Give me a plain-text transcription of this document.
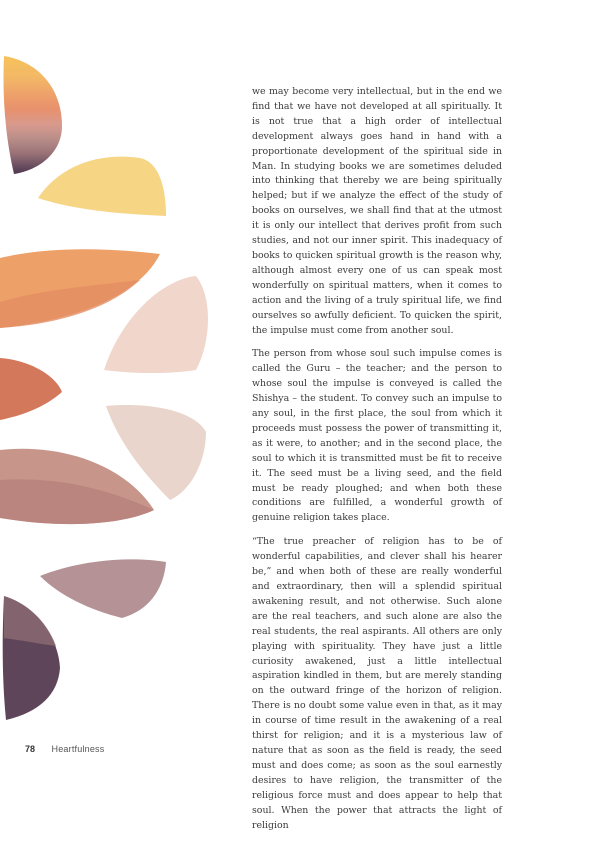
we may become very intellectual, but in the end we find that we have not developed at all spiritually. It is not true that a high order of intellectual development always goes hand in hand with a proportionate development of the spiritual side in Man. In studying books we are sometimes deluded into thinking that thereby we are being spiritually helped; but if we analyze the effect of the study of books on ourselves, we shall find that at the utmost it is only our intellect that derives profit from such studies, and not our inner spirit. This inadequacy of books to quicken spiritual growth is the reason why, although almost every one of us can speak most wonderfully on spiritual matters, when it comes to action and the living of a truly spiritual life, we find ourselves so awfully deficient. To quicken the spirit, the impulse must come from another soul.

The person from whose soul such impulse comes is called the Guru – the teacher; and the person to whose soul the impulse is conveyed is called the Shishya – the student. To convey such an impulse to any soul, in the first place, the soul from which it proceeds must possess the power of transmitting it, as it were, to another; and in the second place, the soul to which it is transmitted must be fit to receive it. The seed must be a living seed, and the field must be ready ploughed; and when both these conditions are fulfilled, a wonderful growth of genuine religion takes place.

“The true preacher of religion has to be of wonderful capabilities, and clever shall his hearer be,” and when both of these are really wonderful and extraordinary, then will a splendid spiritual awakening result, and not otherwise. Such alone are the real teachers, and such alone are also the real students, the real aspirants. All others are only playing with spirituality. They have just a little curiosity awakened, just a little intellectual aspiration kindled in them, but are merely standing on the outward fringe of the horizon of religion. There is no doubt some value even in that, as it may in course of time result in the awakening of a real thirst for religion; and it is a mysterious law of nature that as soon as the field is ready, the seed must and does come; as soon as the soul earnestly desires to have religion, the transmitter of the religious force must and does appear to help that soul. When the power that attracts the light of religion

78 Heartfulness
